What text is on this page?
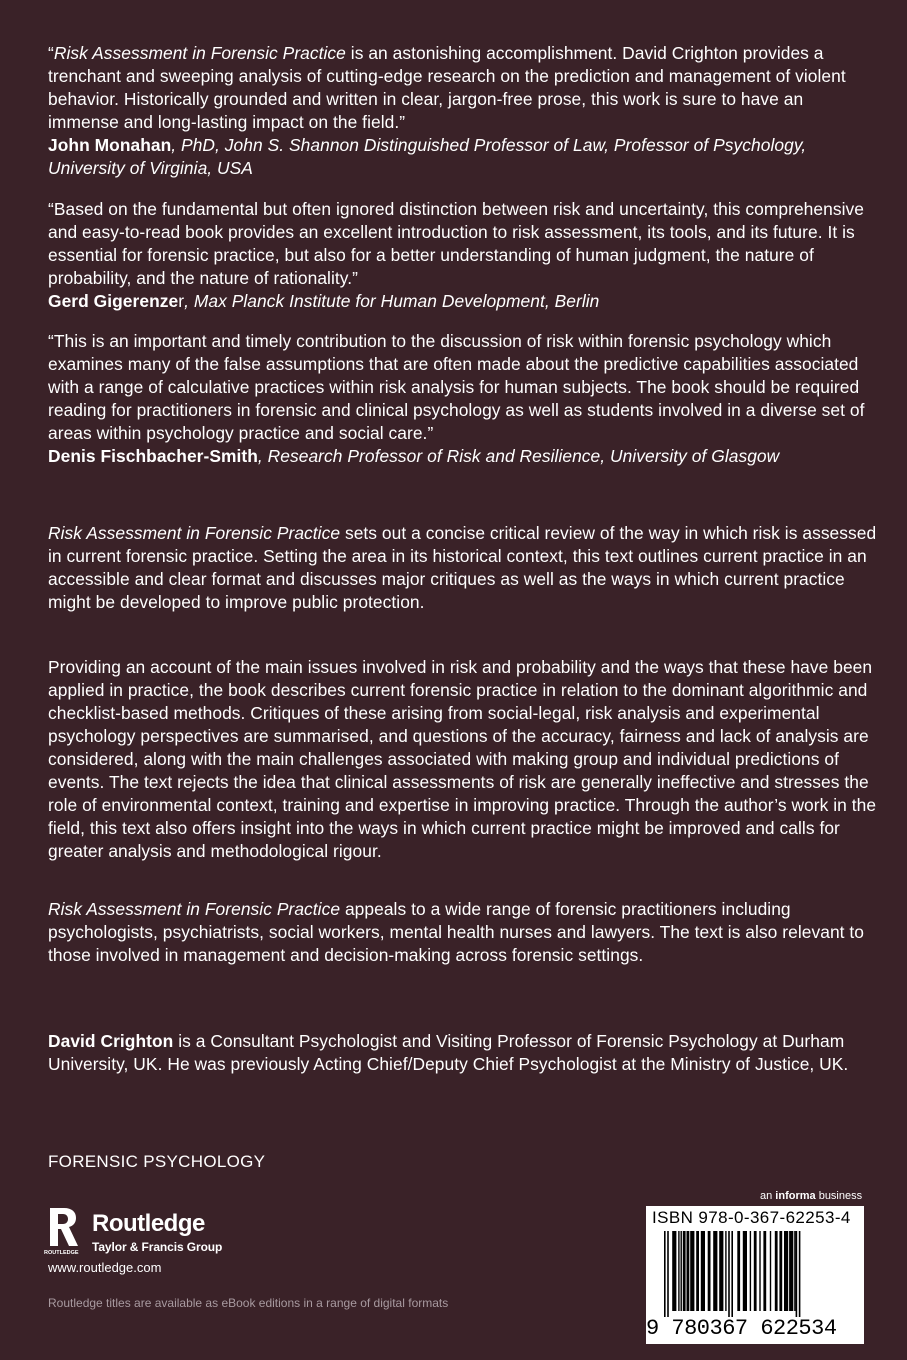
“Risk Assessment in Forensic Practice is an astonishing accomplishment. David Crighton provides a trenchant and sweeping analysis of cutting-edge research on the prediction and management of violent behavior. Historically grounded and written in clear, jargon-free prose, this work is sure to have an immense and long-lasting impact on the field.”
John Monahan, PhD, John S. Shannon Distinguished Professor of Law, Professor of Psychology, University of Virginia, USA

“Based on the fundamental but often ignored distinction between risk and uncertainty, this comprehensive and easy-to-read book provides an excellent introduction to risk assessment, its tools, and its future. It is essential for forensic practice, but also for a better understanding of human judgment, the nature of probability, and the nature of rationality.”
Gerd Gigerenzer, Max Planck Institute for Human Development, Berlin

“This is an important and timely contribution to the discussion of risk within forensic psychology which examines many of the false assumptions that are often made about the predictive capabilities associated with a range of calculative practices within risk analysis for human subjects. The book should be required reading for practitioners in forensic and clinical psychology as well as students involved in a diverse set of areas within psychology practice and social care.”
Denis Fischbacher-Smith, Research Professor of Risk and Resilience, University of Glasgow

Risk Assessment in Forensic Practice sets out a concise critical review of the way in which risk is assessed in current forensic practice. Setting the area in its historical context, this text outlines current practice in an accessible and clear format and discusses major critiques as well as the ways in which current practice might be developed to improve public protection.

Providing an account of the main issues involved in risk and probability and the ways that these have been applied in practice, the book describes current forensic practice in relation to the dominant algorithmic and checklist-based methods. Critiques of these arising from social-legal, risk analysis and experimental psychology perspectives are summarised, and questions of the accuracy, fairness and lack of analysis are considered, along with the main challenges associated with making group and individual predictions of events. The text rejects the idea that clinical assessments of risk are generally ineffective and stresses the role of environmental context, training and expertise in improving practice. Through the author’s work in the field, this text also offers insight into the ways in which current practice might be improved and calls for greater analysis and methodological rigour.

Risk Assessment in Forensic Practice appeals to a wide range of forensic practitioners including psychologists, psychiatrists, social workers, mental health nurses and lawyers. The text is also relevant to those involved in management and decision-making across forensic settings.

David Crighton is a Consultant Psychologist and Visiting Professor of Forensic Psychology at Durham University, UK. He was previously Acting Chief/Deputy Chief Psychologist at the Ministry of Justice, UK.

FORENSIC PSYCHOLOGY
ROUTLEDGE
Routledge
Taylor & Francis Group
www.routledge.com
Routledge titles are available as eBook editions in a range of digital formats
an informa business
ISBN 978-0-367-62253-4
9 780367 622534
